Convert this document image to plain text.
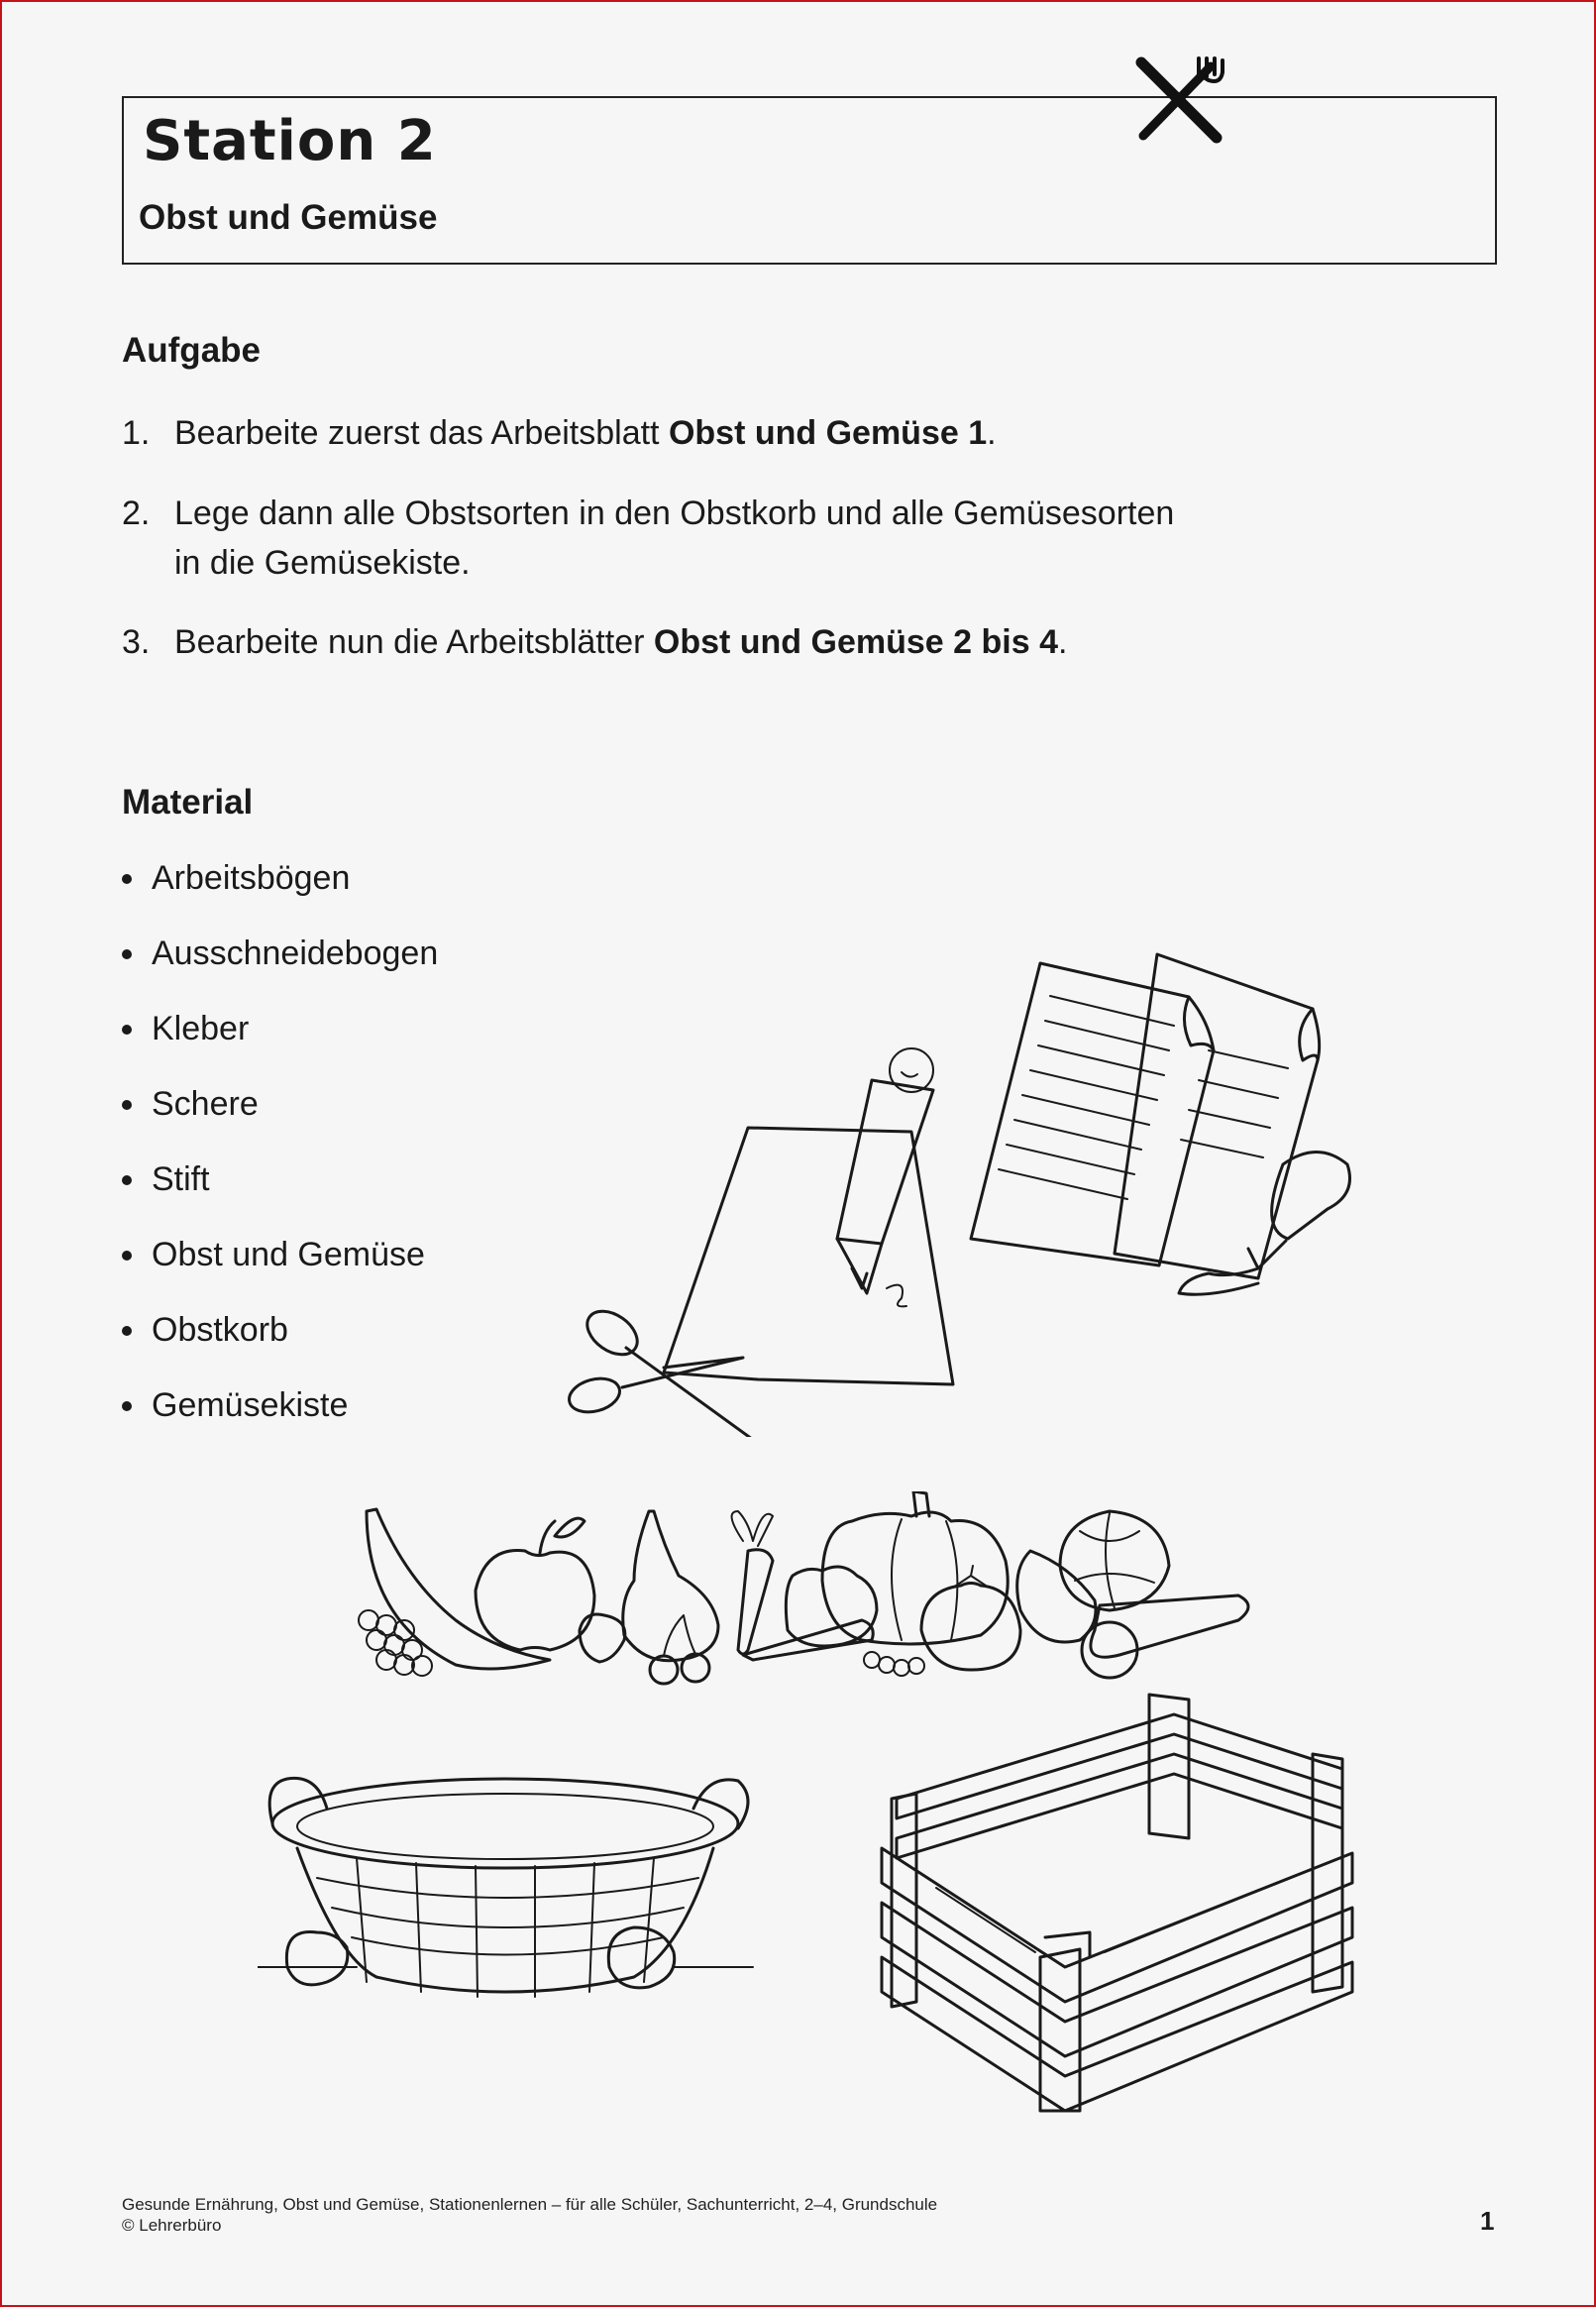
Station 2
Obst und Gemüse
Aufgabe
1. Bearbeite zuerst das Arbeitsblatt Obst und Gemüse 1.
2. Lege dann alle Obstsorten in den Obstkorb und alle Gemüsesorten
in die Gemüsekiste.
3. Bearbeite nun die Arbeitsblätter Obst und Gemüse 2 bis 4.
Material
Arbeitsbögen
Ausschneidebogen
Kleber
Schere
Stift
Obst und Gemüse
Obstkorb
Gemüsekiste
Gesunde Ernährung, Obst und Gemüse, Stationenlernen – für alle Schüler, Sachunterricht, 2–4, Grundschule
© Lehrerbüro	1
